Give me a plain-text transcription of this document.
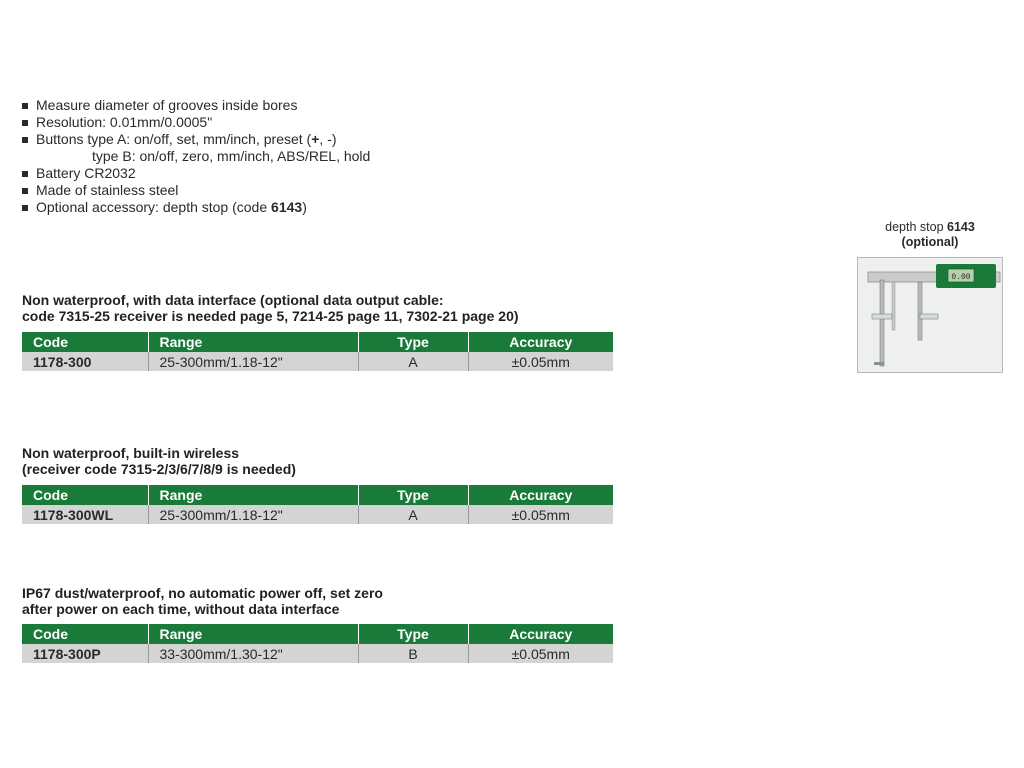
Measure diameter of grooves inside bores
Resolution: 0.01mm/0.0005"
Buttons type A: on/off, set, mm/inch, preset (+, -)
type B: on/off, zero, mm/inch, ABS/REL, hold
Battery CR2032
Made of stainless steel
Optional accessory: depth stop (code 6143)
depth stop 6143
(optional)
0.00
Non waterproof, with data interface (optional data output cable:
code 7315-25 receiver is needed page 5, 7214-25 page 11, 7302-21 page 20)
Code	Range	Type	Accuracy
1178-300	25-300mm/1.18-12"	A	±0.05mm
Non waterproof, built-in wireless
(receiver code 7315-2/3/6/7/8/9 is needed)
Code	Range	Type	Accuracy
1178-300WL	25-300mm/1.18-12"	A	±0.05mm
IP67 dust/waterproof, no automatic power off, set zero
after power on each time, without data interface
Code	Range	Type	Accuracy
1178-300P	33-300mm/1.30-12"	B	±0.05mm
